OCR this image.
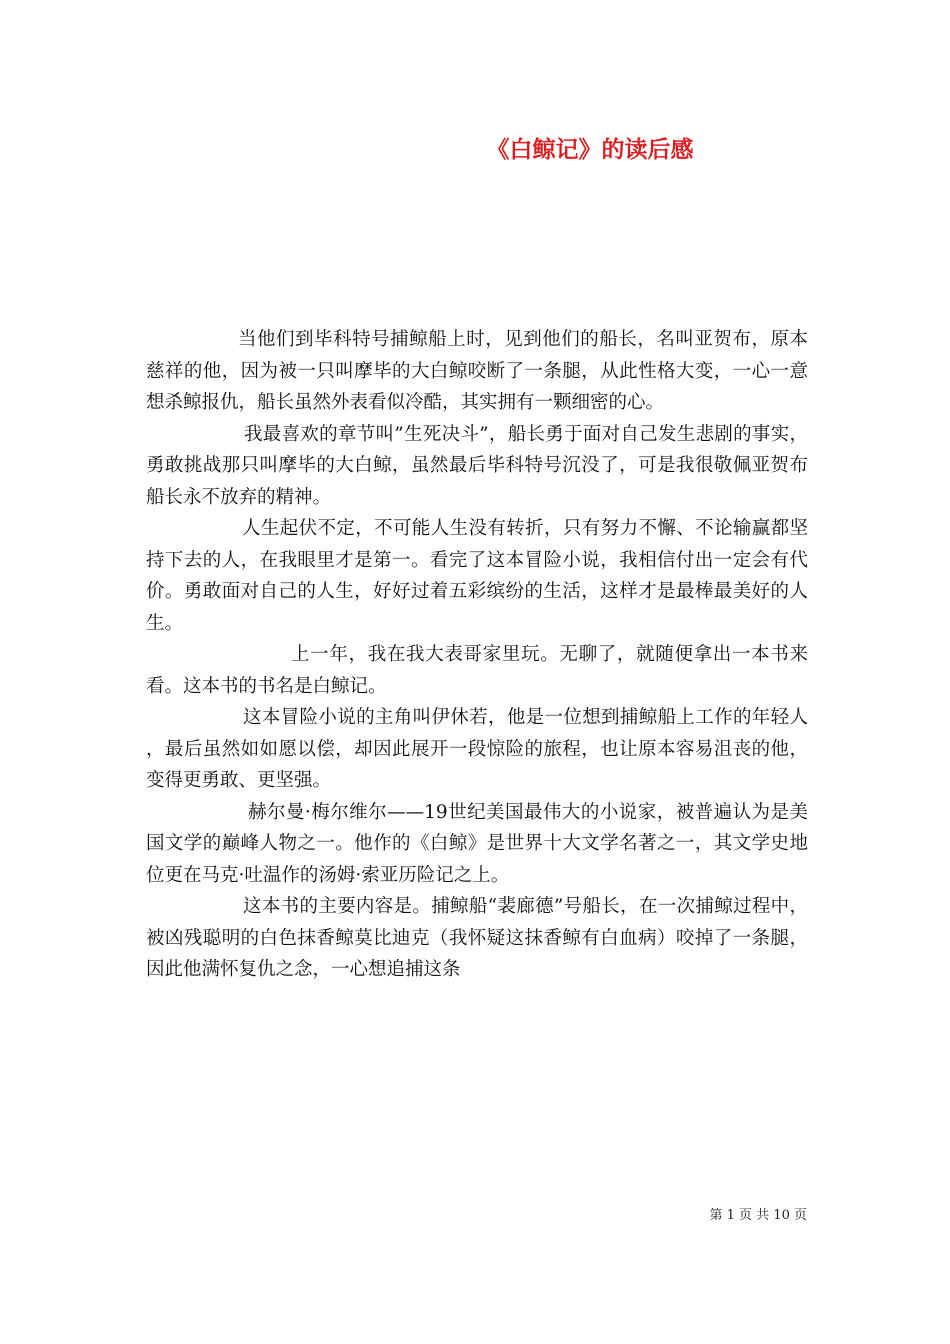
《白鲸记》的读后感

当他们到毕科特号捕鲸船上时，见到他们的船长，名叫亚贺布，原本慈祥的他，因为被一只叫摩毕的大白鲸咬断了一条腿，从此性格大变，一心一意想杀鲸报仇，船长虽然外表看似冷酷，其实拥有一颗细密的心。

我最喜欢的章节叫”生死决斗”，船长勇于面对自己发生悲剧的事实，勇敢挑战那只叫摩毕的大白鲸，虽然最后毕科特号沉没了，可是我很敬佩亚贺布船长永不放弃的精神。

人生起伏不定，不可能人生没有转折，只有努力不懈、不论输赢都坚持下去的人，在我眼里才是第一。看完了这本冒险小说，我相信付出一定会有代价。勇敢面对自己的人生，好好过着五彩缤纷的生活，这样才是最棒最美好的人生。

上一年，我在我大表哥家里玩。无聊了，就随便拿出一本书来看。这本书的书名是白鲸记。

这本冒险小说的主角叫伊休若，他是一位想到捕鲸船上工作的年轻人，最后虽然如如愿以偿，却因此展开一段惊险的旅程，也让原本容易沮丧的他，变得更勇敢、更坚强。

赫尔曼·梅尔维尔——19世纪美国最伟大的小说家，被普遍认为是美国文学的巅峰人物之一。他作的《白鲸》是世界十大文学名著之一，其文学史地位更在马克·吐温作的汤姆·索亚历险记之上。

这本书的主要内容是。捕鲸船“裴廊德”号船长，在一次捕鲸过程中，被凶残聪明的白色抹香鲸莫比迪克（我怀疑这抹香鲸有白血病）咬掉了一条腿，因此他满怀复仇之念，一心想追捕这条

第 1 页 共 10 页
